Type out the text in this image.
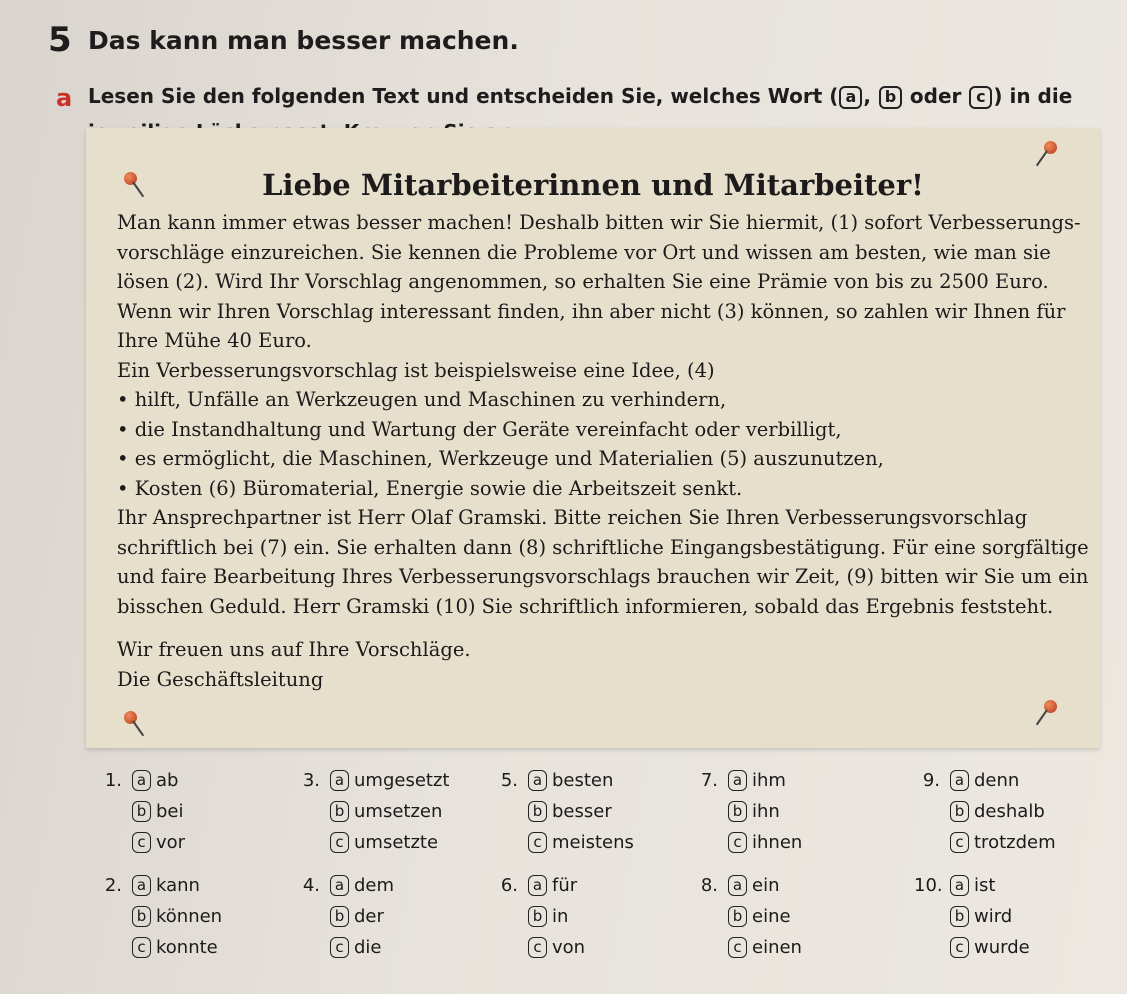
5 Das kann man besser machen.
a Lesen Sie den folgenden Text und entscheiden Sie, welches Wort ( a , b oder c ) in die
Liebe Mitarbeiterinnen und Mitarbeiter!
Man kann immer etwas besser machen! Deshalb bitten wir Sie hiermit, (1) sofort Verbesserungs-
vorschläge einzureichen. Sie kennen die Probleme vor Ort und wissen am besten, wie man sie
lösen (2). Wird Ihr Vorschlag angenommen, so erhalten Sie eine Prämie von bis zu 2500 Euro.
Wenn wir Ihren Vorschlag interessant finden, ihn aber nicht (3) können, so zahlen wir Ihnen für
Ihre Mühe 40 Euro.
Ein Verbesserungsvorschlag ist beispielsweise eine Idee, (4)
• hilft, Unfälle an Werkzeugen und Maschinen zu verhindern,
• die Instandhaltung und Wartung der Geräte vereinfacht oder verbilligt,
• es ermöglicht, die Maschinen, Werkzeuge und Materialien (5) auszunutzen,
• Kosten (6) Büromaterial, Energie sowie die Arbeitszeit senkt.
Ihr Ansprechpartner ist Herr Olaf Gramski. Bitte reichen Sie Ihren Verbesserungsvorschlag
schriftlich bei (7) ein. Sie erhalten dann (8) schriftliche Eingangsbestätigung. Für eine sorgfältige
und faire Bearbeitung Ihres Verbesserungsvorschlags brauchen wir Zeit, (9) bitten wir Sie um ein
bisschen Geduld. Herr Gramski (10) Sie schriftlich informieren, sobald das Ergebnis feststeht.
Wir freuen uns auf Ihre Vorschläge.
Die Geschäftsleitung
1. a ab
b bei
c vor
2. a kann
b können
c konnte
3. a umgesetzt
b umsetzen
c umsetzte
4. a dem
b der
c die
5. a besten
b besser
c meistens
6. a für
b in
c von
7. a ihm
b ihn
c ihnen
8. a ein
b eine
c einen
9. a denn
b deshalb
c trotzdem
10. a ist
b wird
c wurde
